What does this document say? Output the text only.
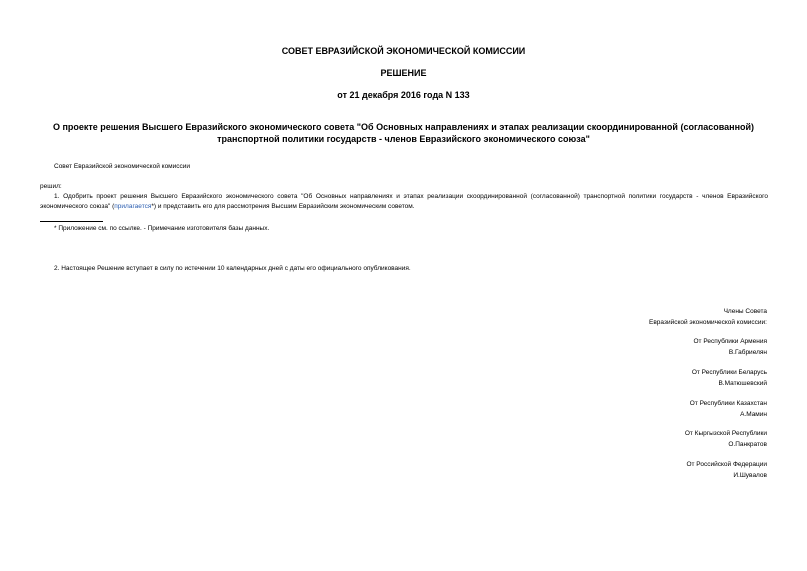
СОВЕТ ЕВРАЗИЙСКОЙ ЭКОНОМИЧЕСКОЙ КОМИССИИ
РЕШЕНИЕ
от 21 декабря 2016 года N 133
О проекте решения Высшего Евразийского экономического совета "Об Основных направлениях и этапах реализации скоординированной (согласованной)
транспортной политики государств - членов Евразийского экономического союза"
Совет Евразийской экономической комиссии
решил:
1. Одобрить проект решения Высшего Евразийского экономического совета "Об Основных направлениях и этапах реализации скоординированной (согласованной) транспортной политики государств - членов Евразийского экономического союза" (прилагается*) и представить его для рассмотрения Высшим Евразийским экономическим советом.
* Приложение см. по ссылке. - Примечание изготовителя базы данных.
2. Настоящее Решение вступает в силу по истечении 10 календарных дней с даты его официального опубликования.
Члены Совета
Евразийской экономической комиссии:
От Республики Армения
В.Габриелян
От Республики Беларусь
В.Матюшевский
От Республики Казахстан
А.Мамин
От Кыргызской Республики
О.Панкратов
От Российской Федерации
И.Шувалов
